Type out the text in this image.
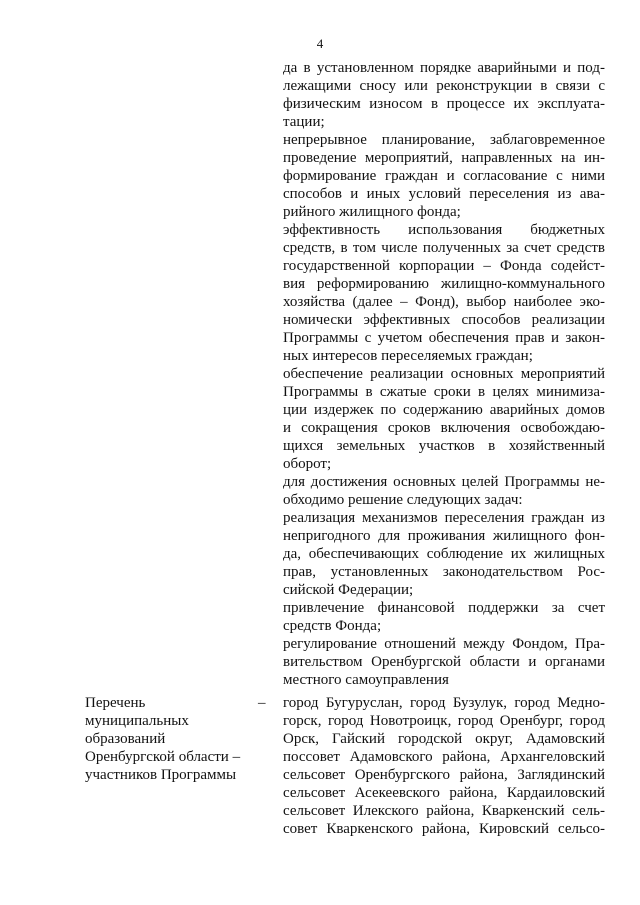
4
да в установленном порядке аварийными и под-
лежащими сносу или реконструкции в связи с
физическим износом в процессе их эксплуата-
тации;
непрерывное планирование, заблаговременное
проведение мероприятий, направленных на ин-
формирование граждан и согласование с ними
способов и иных условий переселения из ава-
рийного жилищного фонда;
эффективность использования бюджетных
средств, в том числе полученных за счет средств
государственной корпорации – Фонда содейст-
вия реформированию жилищно-коммунального
хозяйства (далее – Фонд), выбор наиболее эко-
номически эффективных способов реализации
Программы с учетом обеспечения прав и закон-
ных интересов переселяемых граждан;
обеспечение реализации основных мероприятий
Программы в сжатые сроки в целях минимиза-
ции издержек по содержанию аварийных домов
и сокращения сроков включения освобождаю-
щихся земельных участков в хозяйственный
оборот;
для достижения основных целей Программы не-
обходимо решение следующих задач:
реализация механизмов переселения граждан из
непригодного для проживания жилищного фон-
да, обеспечивающих соблюдение их жилищных
прав, установленных законодательством Рос-
сийской Федерации;
привлечение финансовой поддержки за счет
средств Фонда;
регулирование отношений между Фондом, Пра-
вительством Оренбургской области и органами
местного самоуправления
Перечень
муниципальных
образований
Оренбургской области –
участников Программы
– город Бугуруслан, город Бузулук, город Медно-
горск, город Новотроицк, город Оренбург, город
Орск, Гайский городской округ, Адамовский
поссовет Адамовского района, Архангеловский
сельсовет Оренбургского района, Заглядинский
сельсовет Асекеевского района, Кардаиловский
сельсовет Илекского района, Кваркенский сель-
совет Кваркенского района, Кировский сельсо-
